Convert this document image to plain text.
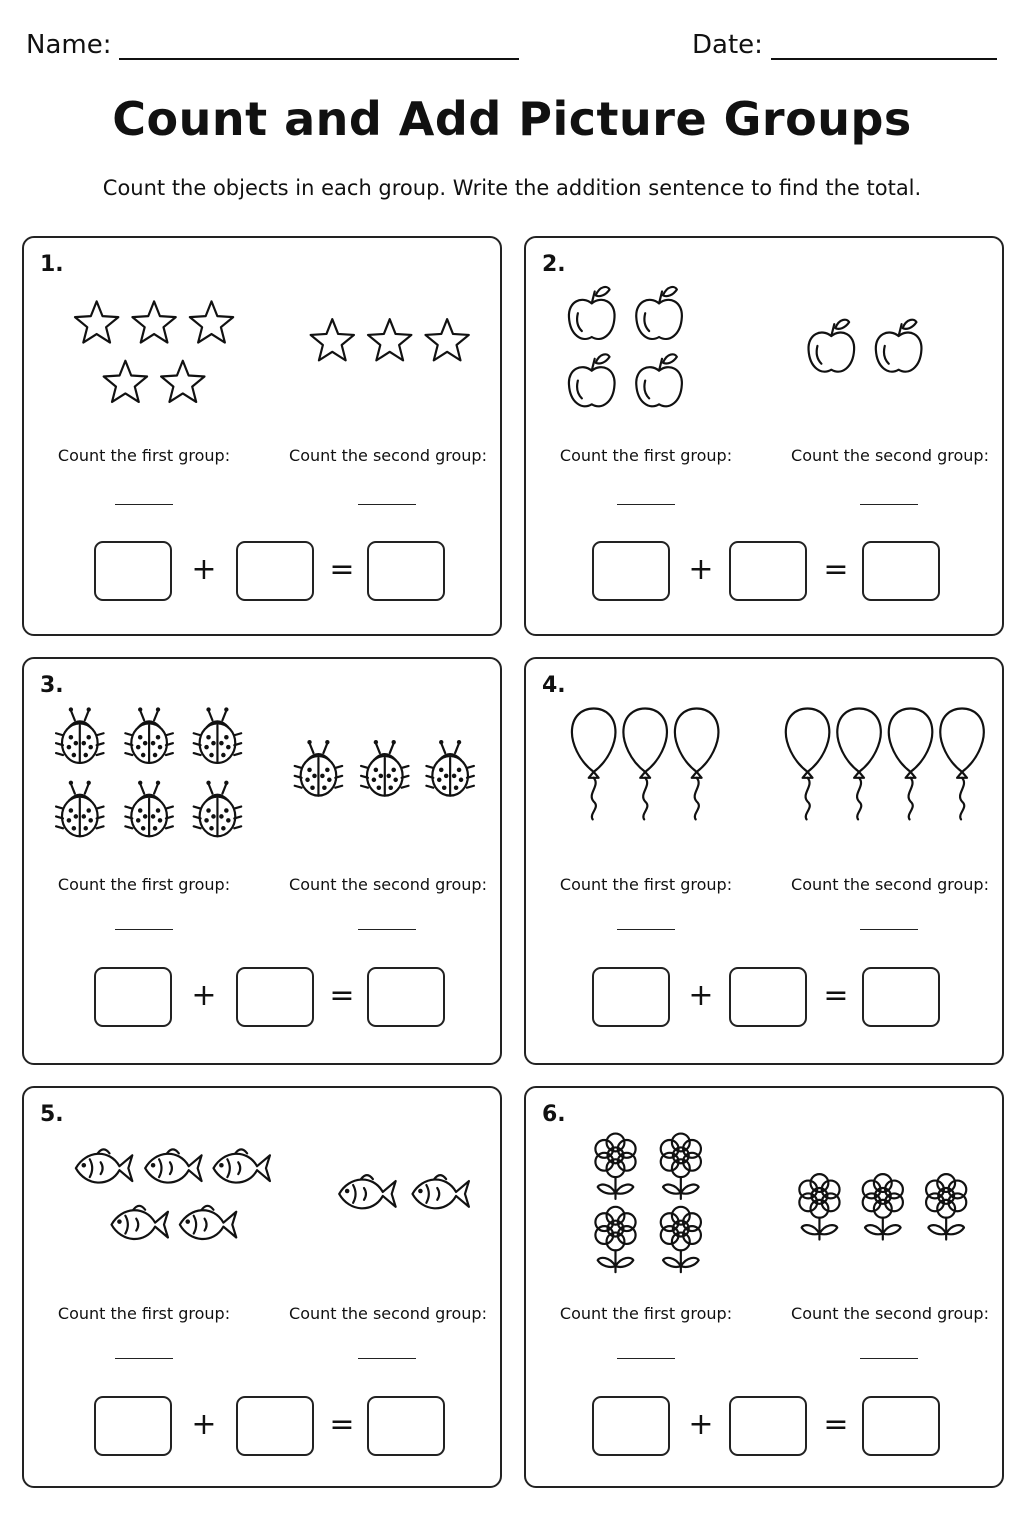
Name:	Date:
Count and Add Picture Groups
Count the objects in each group. Write the addition sentence to find the total.
1.
Count the first group:	Count the second group:
+	=
2.
Count the first group:	Count the second group:
+	=
3.
Count the first group:	Count the second group:
+	=
4.
Count the first group:	Count the second group:
+	=
5.
Count the first group:	Count the second group:
+	=
6.
Count the first group:	Count the second group:
+	=
